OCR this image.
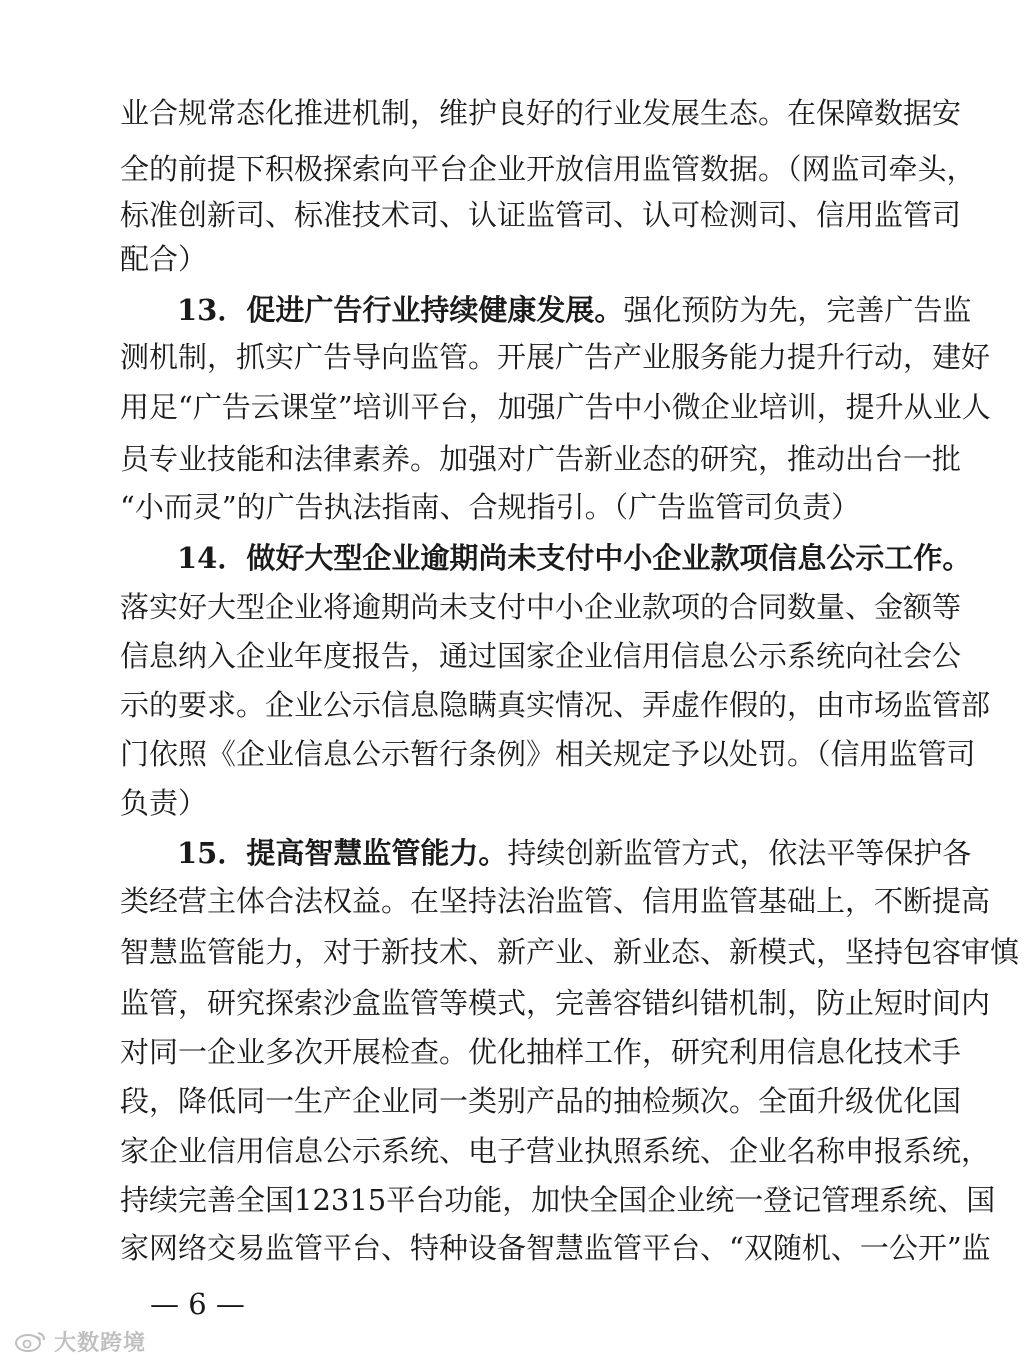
业合规常态化推进机制，维护良好的行业发展生态。在保障数据安
全的前提下积极探索向平台企业开放信用监管数据。（网监司牵头，
标准创新司、标准技术司、认证监管司、认可检测司、信用监管司
配合）
13．促进广告行业持续健康发展。强化预防为先，完善广告监
测机制，抓实广告导向监管。开展广告产业服务能力提升行动，建好
用足“广告云课堂”培训平台，加强广告中小微企业培训，提升从业人
员专业技能和法律素养。加强对广告新业态的研究，推动出台一批
“小而灵”的广告执法指南、合规指引。（广告监管司负责）
14．做好大型企业逾期尚未支付中小企业款项信息公示工作。
落实好大型企业将逾期尚未支付中小企业款项的合同数量、金额等
信息纳入企业年度报告，通过国家企业信用信息公示系统向社会公
示的要求。企业公示信息隐瞒真实情况、弄虚作假的，由市场监管部
门依照《企业信息公示暂行条例》相关规定予以处罚。（信用监管司
负责）
15．提高智慧监管能力。持续创新监管方式，依法平等保护各
类经营主体合法权益。在坚持法治监管、信用监管基础上，不断提高
智慧监管能力，对于新技术、新产业、新业态、新模式，坚持包容审慎
监管，研究探索沙盒监管等模式，完善容错纠错机制，防止短时间内
对同一企业多次开展检查。优化抽样工作，研究利用信息化技术手
段，降低同一生产企业同一类别产品的抽检频次。全面升级优化国
家企业信用信息公示系统、电子营业执照系统、企业名称申报系统，
持续完善全国12315平台功能，加快全国企业统一登记管理系统、国
家网络交易监管平台、特种设备智慧监管平台、“双随机、一公开”监
— 6 —
大数跨境
